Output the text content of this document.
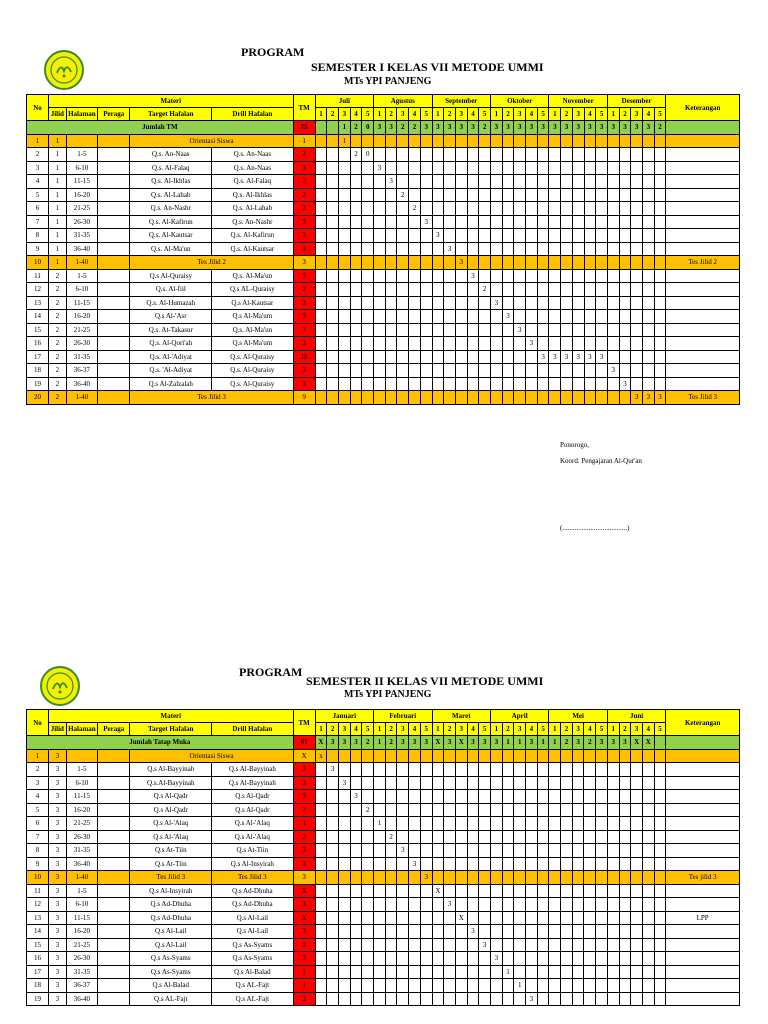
PROGRAM
SEMESTER I KELAS VII METODE UMMI
MTs YPI PANJENG
No	Materi					TM	Juli					Agustus					September					Oktober					November					Desember					Keterangan
	Jilid	Halaman	Peraga	Target Hafalan	Drill Hafalan		1	2	3	4	5	1	2	3	4	5	1	2	3	4	5	1	2	3	4	5	1	2	3	4	5	1	2	3	4	5	
Jumlah TM						75			1	2	0	3	3	2	2	3	3	3	3	3	2	3	3	3	3	3	3	3	3	3	3	3	3	3	3	2	
1	1			Orientasi Siswa		1			1																												
2	1	1-5		Q.s. An-Naas	Q.s. An-Naas	2				2	0																										
3	1	6-10		Q.s. Al-Falaq	Q.s. An-Naas	3						3																									
4	1	11-15		Q.s. Al-Ikhlas	Q.s. Al-Falaq	3							3																								
5	1	16-20		Q.s. Al-Lahab	Q.s. Al-Ikhlas	2								2																							
6	1	21-25		Q.s. An-Nashr	Q.s. Al-Lahab	2									2																						
7	1	26-30		Q.s. Al-Kafirun	Q.s. An-Nashr	3										3																					
8	1	31-35		Q.s. Al-Kautsar	Q.s. Al-Kafirun	3											3																				
9	1	36-40		Q.s. Al-Ma'un	Q.s. Al-Kautsar	3												3																			
10	1	1-40		Tes Jilid 2		3													3																		Tes Jilid 2
11	2	1-5		Q.s Al-Quraisy	Q.s. Al-Ma'un	3														3																	
12	2	6-10		Q.s. Al-fiil	Q.s AL-Quraisy	2															2																
13	2	11-15		Q.s. Al-Humazah	Q.s Al-Kautsar	3																3															
14	2	16-20		Q.s Al-'Asr	Q.s Al-Ma'um	3																	3														
15	2	21-25		Q.s. At-Takasur	Q.s. Al-Ma'un	3																		3													
16	2	26-30		Q.s. Al-Qori'ah	Q.s Al-Ma'um	3																			3												
17	2	31-35		Q.s. Al-'Adiyat	Q.s. Al-Quraisy	18																				3	3	3	3	3	3						
18	2	36-37		Q.s. 'Al-Adiyat	Q.s. Al-Quraisy	3																										3					
19	2	36-40		Q.s Al-Zalzalah	Q.s. Al-Quraisy	3																											3				
20	2	1-40		Tes Jilid 3		9																												3	3	3	Tes Jilid 3
Ponorogo,
Koord. Pengajaran Al-Qur'an
(.....................................)
PROGRAM
SEMESTER II KELAS VII METODE UMMI
MTs YPI PANJENG
No	Materi					TM	Januari					Februari					Maret					April					Mei					Juni					Keterangan
	Jilid	Halaman	Peraga	Target Hafalan	Drill Hafalan		1	2	3	4	5	1	2	3	4	5	1	2	3	4	5	1	2	3	4	5	1	2	3	4	5	1	2	3	4	5	
Jumlah Tatap Muka						61	X	3	3	3	2	1	2	3	3	3	X	3	X	3	3	3	1	1	3	1	1	2	3	2	3	3	3	X	X		
1	3			Orientasi Siswa		X	x																														
2	3	1-5		Q.s Al-Bayyinah	Q.s Al-Bayyinah	3		3																													
3	3	6-10		Q.s.Al-Bayyinah	Q.s Al-Bayyinah	3			3																												
4	3	11-15		Q.s Al-Qadr	Q.s Al-Qadr	3				3																											
5	3	16-20		Q.s Al-Qadr	Q.s Al-Qadr	2					2																										
6	3	21-25		Q.s Al-'Alaq	Q.s Al-'Alaq	1						1																									
7	3	26-30		Q.s Al-'Alaq	Q.s Al-'Alaq	2							2																								
8	3	31-35		Q.s At-Tiin	Q.s At-Tiin	3								3																							
9	3	36-40		Q.s At-Tiin	Q.s Al-Insyirah	3									3																						
10	3	1-40		Tes Jilid 3	Tes Jilid 3	3										3																					Tes jilid 3
11	3	1-5		Q.s Al-Insyirah	Q.s Ad-Dhuha	X											X																				
12	3	6-10		Q.s Ad-Dhuha	Q.s Ad-Dhuha	3												3																			
13	3	11-15		Q.s Ad-Dhuha	Q.s Al-Lail	X													X																		LPP
14	3	16-20		Q.s Al-Lail	Q.s Al-Lail	3														3																	
15	3	21-25		Q.s Al-Lail	Q.s As-Syams	3															3																
16	3	26-30		Q.s As-Syams	Q.s As-Syams	3																3															
17	3	31-35		Q.s As-Syams	Q.s Al-Balad	1																	1														
18	3	36-37		Q.s Al-Balad	Q.s AL-Fajt	1																		1													
19	3	36-40		Q.s AL-Fajt	Q.s AL-Fajt	3																			3												
